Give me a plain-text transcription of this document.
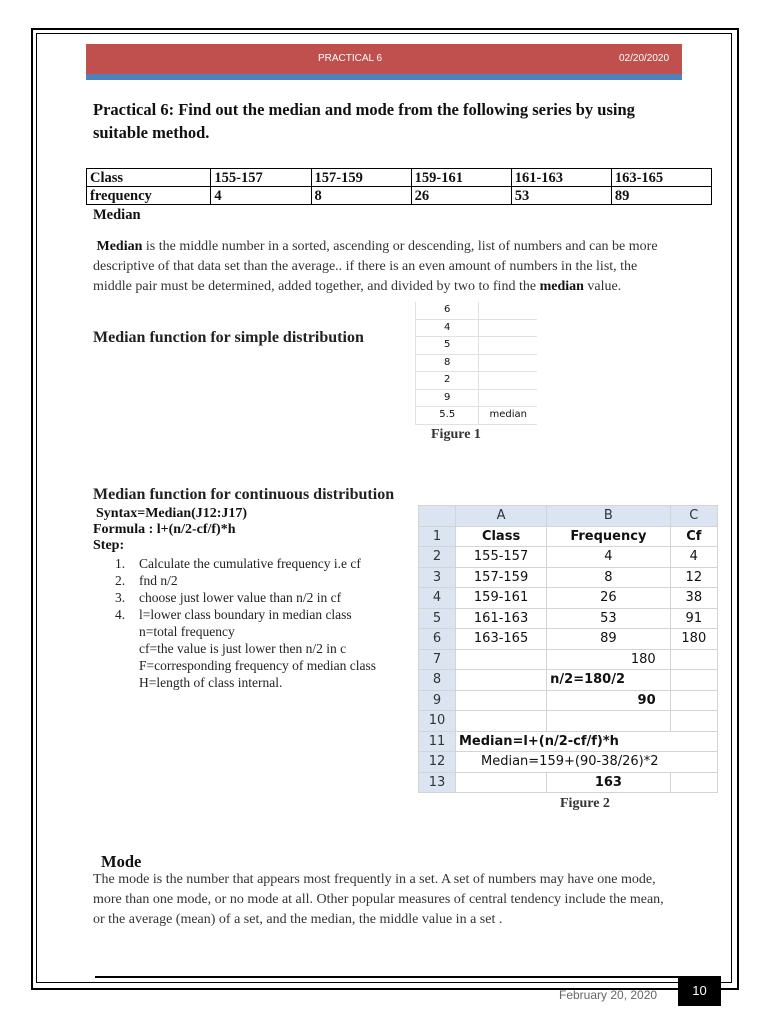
PRACTICAL 6	02/20/2020
Practical 6: Find out the median and mode from the following series by using suitable method.
Class	155-157	157-159	159-161	161-163	163-165
frequency	4	8	26	53	89
Median
Median is the middle number in a sorted, ascending or descending, list of numbers and can be more descriptive of that data set than the average.. if there is an even amount of numbers in the list, the middle pair must be determined, added together, and divided by two to find the median value.
Median function for simple distribution
6
4
5
8
2
9
5.5	median
Figure 1
Median function for continuous distribution
Syntax=Median(J12:J17)
Formula : l+(n/2-cf/f)*h
Step:
1. Calculate the cumulative frequency i.e cf
2. fnd n/2
3. choose just lower value than n/2 in cf
4. l=lower class boundary in median class
n=total frequency
cf=the value is just lower then n/2 in c
F=corresponding frequency of median class
H=length of class internal.
	A	B	C
1	Class	Frequency	Cf
2	155-157	4	4
3	157-159	8	12
4	159-161	26	38
5	161-163	53	91
6	163-165	89	180
7		180	
8		n/2=180/2	
9		90	
10			
11	Median=l+(n/2-cf/f)*h		
12	Median=159+(90-38/26)*2		
13		163	
Figure 2
Mode
The mode is the number that appears most frequently in a set. A set of numbers may have one mode, more than one mode, or no mode at all. Other popular measures of central tendency include the mean, or the average (mean) of a set, and the median, the middle value in a set .
February 20, 2020	10
